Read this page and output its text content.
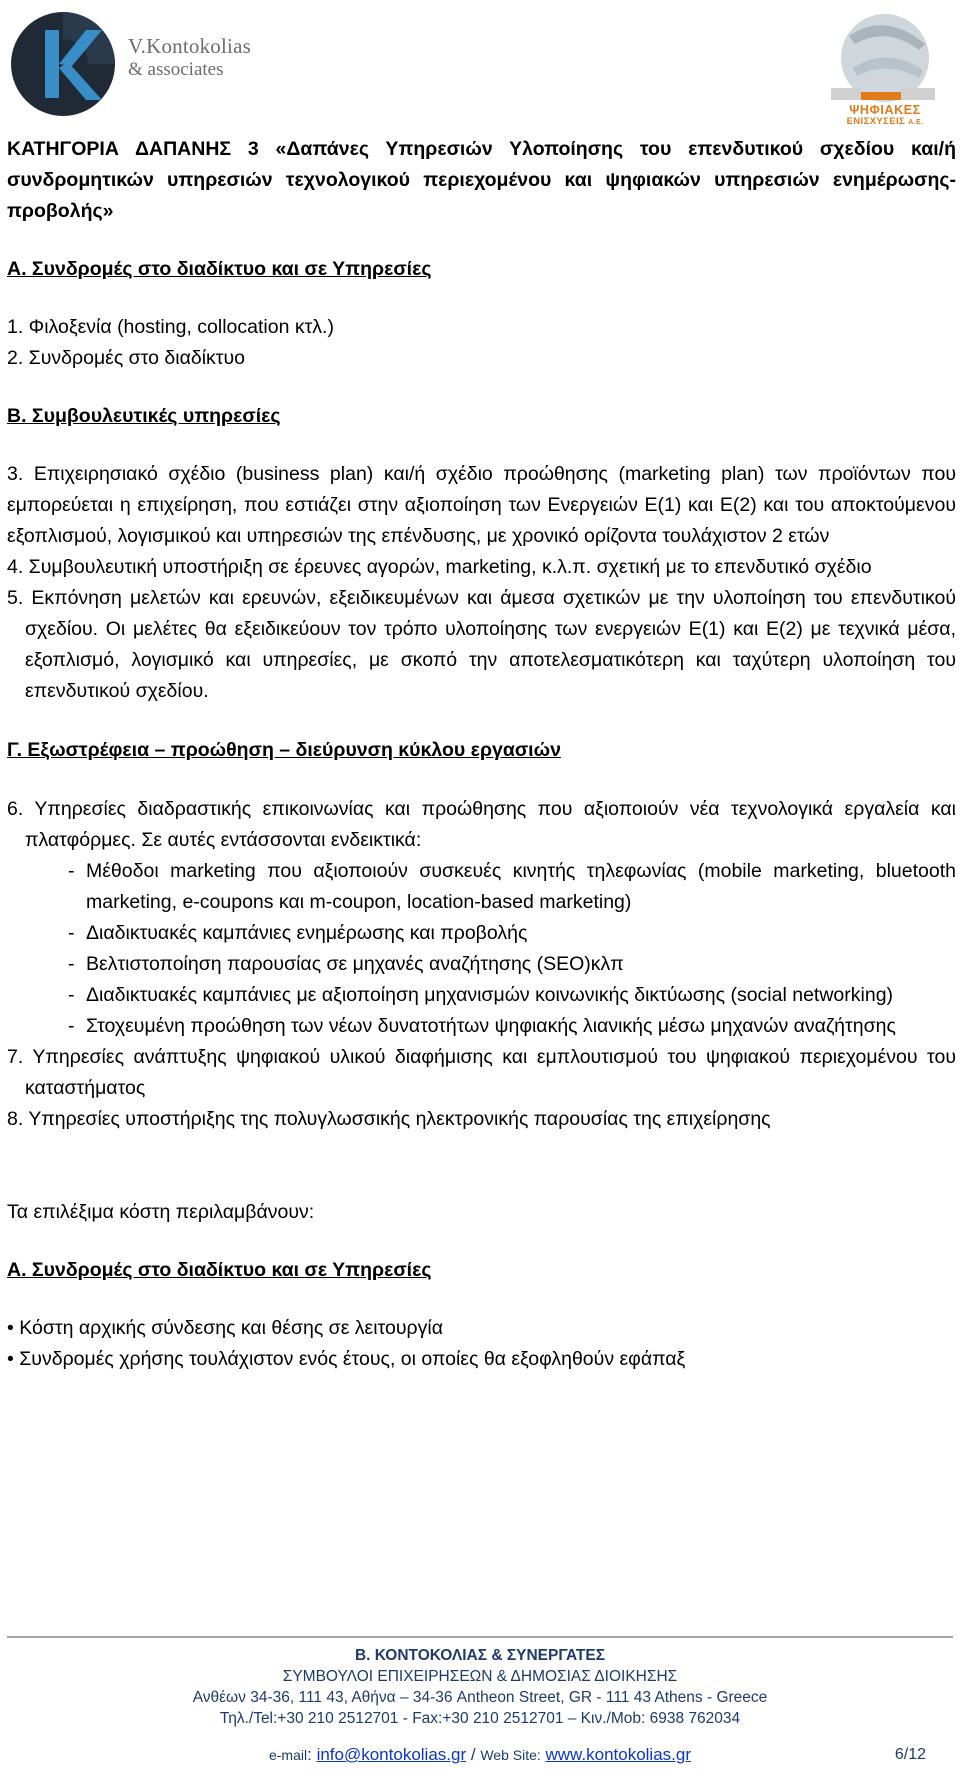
V.Kontokolias
& associates
ΨΗΦΙΑΚΕΣ
ΕΝΙΣΧΥΣΕΙΣ Α.Ε.

ΚΑΤΗΓΟΡΙΑ ΔΑΠΑΝΗΣ 3 «Δαπάνες Υπηρεσιών Υλοποίησης του επενδυτικού σχεδίου και/ή συνδρομητικών υπηρεσιών τεχνολογικού περιεχομένου και ψηφιακών υπηρεσιών ενημέρωσης-προβολής»

Α. Συνδρομές στο διαδίκτυο και σε Υπηρεσίες

1. Φιλοξενία (hosting, collocation κτλ.)

2. Συνδρομές στο διαδίκτυο

Β. Συμβουλευτικές υπηρεσίες

3. Επιχειρησιακό σχέδιο (business plan) και/ή σχέδιο προώθησης (marketing plan) των προϊόντων που εμπορεύεται η επιχείρηση, που εστιάζει στην αξιοποίηση των Ενεργειών Ε(1) και Ε(2) και του αποκτούμενου εξοπλισμού, λογισμικού και υπηρεσιών της επένδυσης, με χρονικό ορίζοντα τουλάχιστον 2 ετών

4. Συμβουλευτική υποστήριξη σε έρευνες αγορών, marketing, κ.λ.π. σχετική με το επενδυτικό σχέδιο

5. Εκπόνηση μελετών και ερευνών, εξειδικευμένων και άμεσα σχετικών με την υλοποίηση του επενδυτικού σχεδίου. Οι μελέτες θα εξειδικεύουν τον τρόπο υλοποίησης των ενεργειών Ε(1) και Ε(2) με τεχνικά μέσα, εξοπλισμό, λογισμικό και υπηρεσίες, με σκοπό την αποτελεσματικότερη και ταχύτερη υλοποίηση του επενδυτικού σχεδίου.

Γ. Εξωστρέφεια – προώθηση – διεύρυνση κύκλου εργασιών

6. Υπηρεσίες διαδραστικής επικοινωνίας και προώθησης που αξιοποιούν νέα τεχνολογικά εργαλεία και πλατφόρμες. Σε αυτές εντάσσονται ενδεικτικά:

- Μέθοδοι marketing που αξιοποιούν συσκευές κινητής τηλεφωνίας (mobile marketing, bluetooth marketing, e-coupons και m-coupon, location-based marketing)
- Διαδικτυακές καμπάνιες ενημέρωσης και προβολής
- Βελτιστοποίηση παρουσίας σε μηχανές αναζήτησης (SEO)κλπ
- Διαδικτυακές καμπάνιες με αξιοποίηση μηχανισμών κοινωνικής δικτύωσης (social networking)
- Στοχευμένη προώθηση των νέων δυνατοτήτων ψηφιακής λιανικής μέσω μηχανών αναζήτησης

7. Υπηρεσίες ανάπτυξης ψηφιακού υλικού διαφήμισης και εμπλουτισμού του ψηφιακού περιεχομένου του καταστήματος

8. Υπηρεσίες υποστήριξης της πολυγλωσσικής ηλεκτρονικής παρουσίας της επιχείρησης

Τα επιλέξιμα κόστη περιλαμβάνουν:

Α. Συνδρομές στο διαδίκτυο και σε Υπηρεσίες

• Κόστη αρχικής σύνδεσης και θέσης σε λειτουργία

• Συνδρομές χρήσης τουλάχιστον ενός έτους, οι οποίες θα εξοφληθούν εφάπαξ

Β. ΚΟΝΤΟΚΟΛΙΑΣ & ΣΥΝΕΡΓΑΤΕΣ
ΣΥΜΒΟΥΛΟΙ ΕΠΙΧΕΙΡΗΣΕΩΝ & ΔΗΜΟΣΙΑΣ ΔΙΟΙΚΗΣΗΣ
Ανθέων 34-36, 111 43, Αθήνα – 34-36 Antheon Street, GR - 111 43 Athens - Greece
Τηλ./Tel:+30 210 2512701 - Fax:+30 210 2512701 – Κιν./Mob: 6938 762034
e-mail: info@kontokolias.gr / Web Site: www.kontokolias.gr	6/12
